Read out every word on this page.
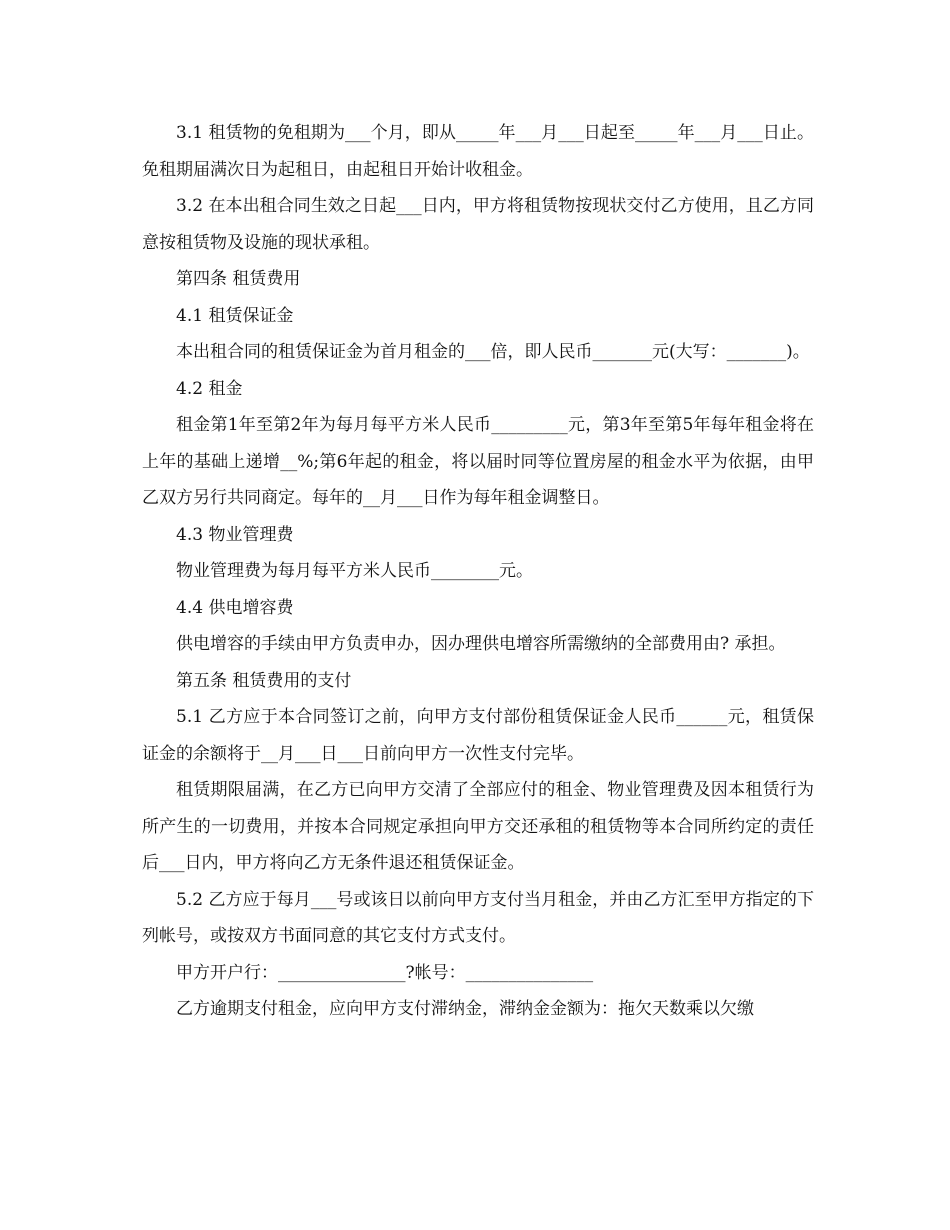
3.1 租赁物的免租期为___个月，即从_____年___月___日起至_____年___月___日止。免租期届满次日为起租日，由起租日开始计收租金。

3.2 在本出租合同生效之日起___日内，甲方将租赁物按现状交付乙方使用，且乙方同意按租赁物及设施的现状承租。

第四条 租赁费用

4.1 租赁保证金

本出租合同的租赁保证金为首月租金的___倍，即人民币_______元(大写：_______)。

4.2 租金

租金第1年至第2年为每月每平方米人民币_________元，第3年至第5年每年租金将在上年的基础上递增__%;第6年起的租金，将以届时同等位置房屋的租金水平为依据，由甲乙双方另行共同商定。每年的__月___日作为每年租金调整日。

4.3 物业管理费

物业管理费为每月每平方米人民币________元。

4.4 供电增容费

供电增容的手续由甲方负责申办，因办理供电增容所需缴纳的全部费用由? 承担。

第五条 租赁费用的支付

5.1 乙方应于本合同签订之前，向甲方支付部份租赁保证金人民币______元，租赁保证金的余额将于__月___日___日前向甲方一次性支付完毕。

租赁期限届满，在乙方已向甲方交清了全部应付的租金、物业管理费及因本租赁行为所产生的一切费用，并按本合同规定承担向甲方交还承租的租赁物等本合同所约定的责任后___日内，甲方将向乙方无条件退还租赁保证金。

5.2 乙方应于每月___号或该日以前向甲方支付当月租金，并由乙方汇至甲方指定的下列帐号，或按双方书面同意的其它支付方式支付。

甲方开户行：_______________?帐号：_______________

乙方逾期支付租金，应向甲方支付滞纳金，滞纳金金额为：拖欠天数乘以欠缴
